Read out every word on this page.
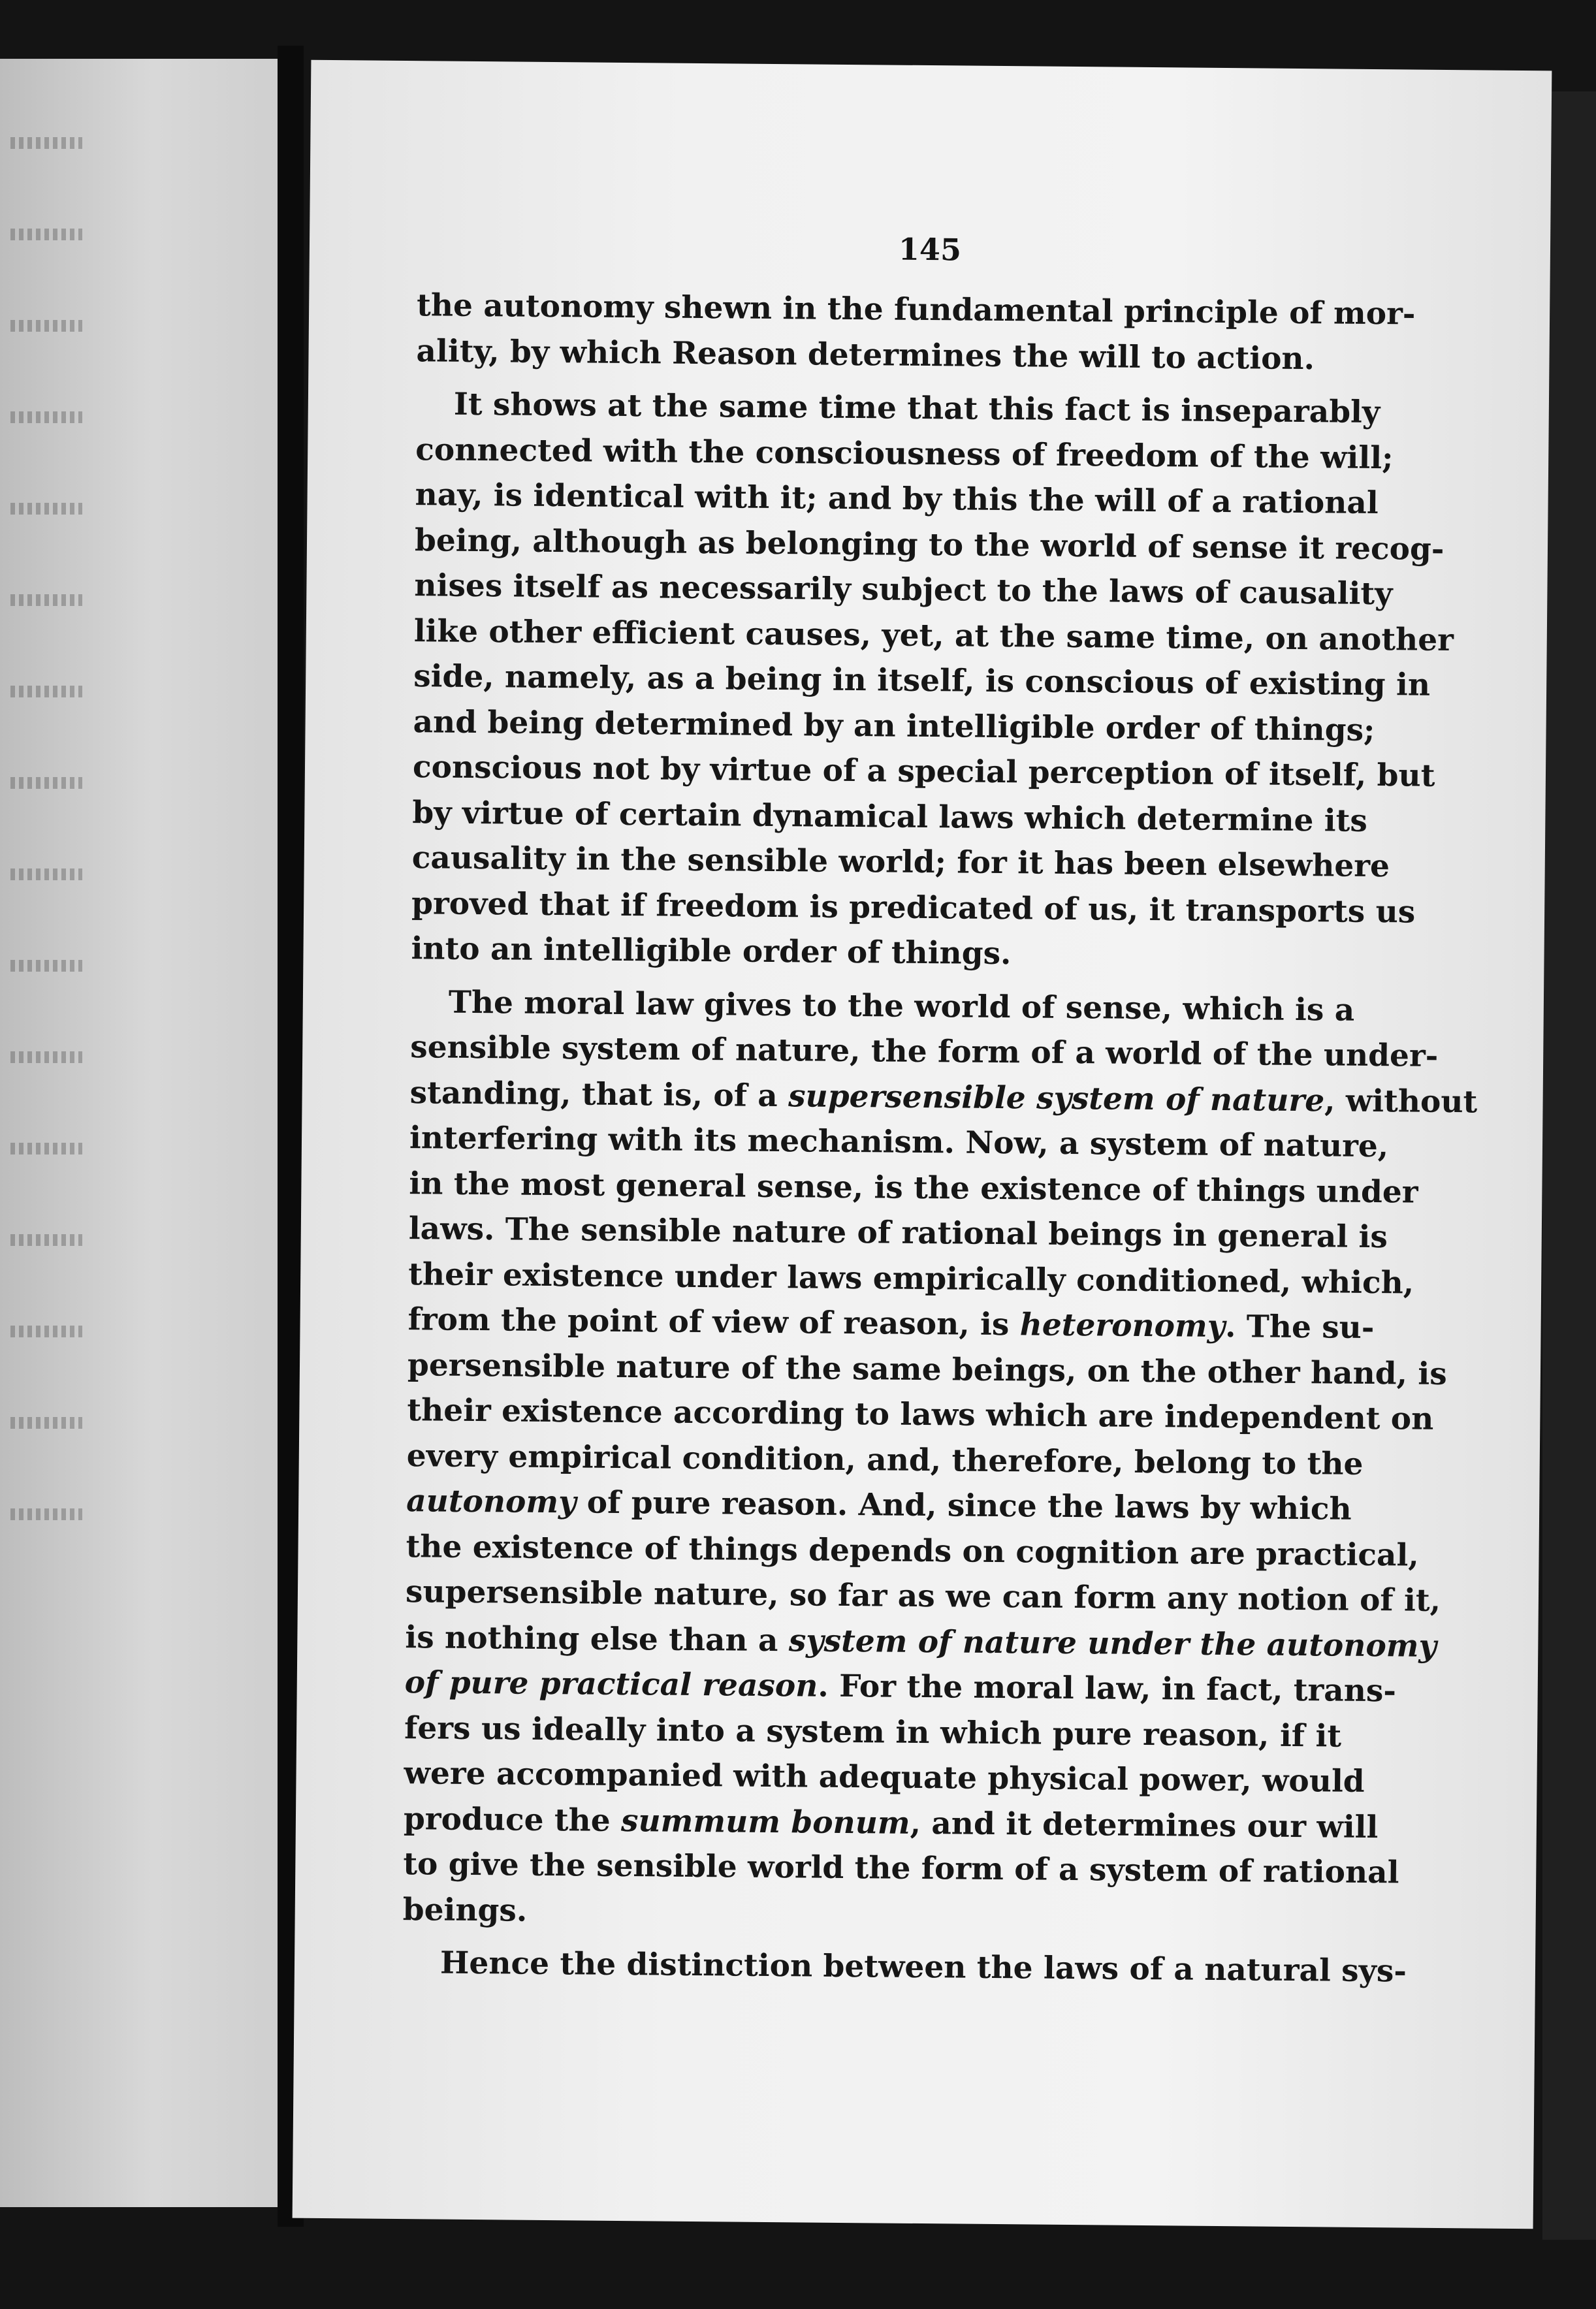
145

the autonomy shewn in the fundamental principle of mor-
ality, by which Reason determines the will to action.
It shows at the same time that this fact is inseparably
connected with the consciousness of freedom of the will;
nay, is identical with it; and by this the will of a rational
being, although as belonging to the world of sense it recog-
nises itself as necessarily subject to the laws of causality
like other efficient causes, yet, at the same time, on another
side, namely, as a being in itself, is conscious of existing in
and being determined by an intelligible order of things;
conscious not by virtue of a special perception of itself, but
by virtue of certain dynamical laws which determine its
causality in the sensible world; for it has been elsewhere
proved that if freedom is predicated of us, it transports us
into an intelligible order of things.
The moral law gives to the world of sense, which is a
sensible system of nature, the form of a world of the under-
standing, that is, of a supersensible system of nature, without
interfering with its mechanism. Now, a system of nature,
in the most general sense, is the existence of things under
laws. The sensible nature of rational beings in general is
their existence under laws empirically conditioned, which,
from the point of view of reason, is heteronomy. The su-
persensible nature of the same beings, on the other hand, is
their existence according to laws which are independent on
every empirical condition, and, therefore, belong to the
autonomy of pure reason. And, since the laws by which
the existence of things depends on cognition are practical,
supersensible nature, so far as we can form any notion of it,
is nothing else than a system of nature under the autonomy
of pure practical reason. For the moral law, in fact, trans-
fers us ideally into a system in which pure reason, if it
were accompanied with adequate physical power, would
produce the summum bonum, and it determines our will
to give the sensible world the form of a system of rational
beings.
Hence the distinction between the laws of a natural sys-
